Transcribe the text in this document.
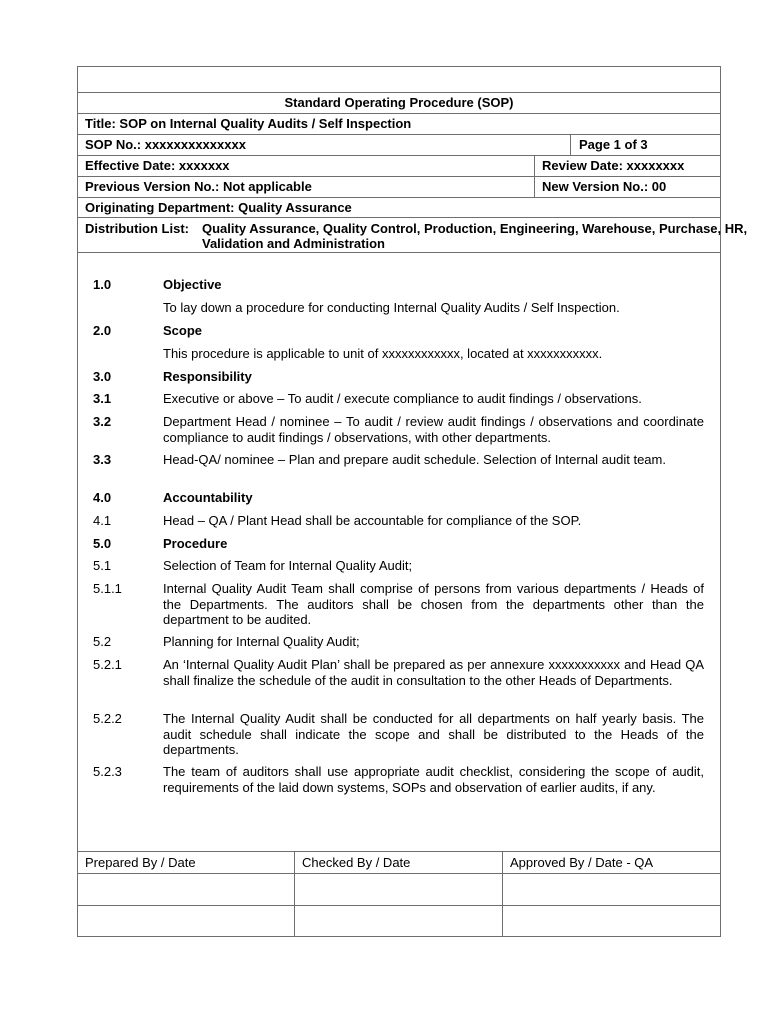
Standard Operating Procedure (SOP)
Title: SOP on Internal Quality Audits / Self Inspection
SOP No.: xxxxxxxxxxxxxx	Page 1 of 3
Effective Date: xxxxxxx	Review Date: xxxxxxxx
Previous Version No.: Not applicable	New Version No.: 00
Originating Department: Quality Assurance
Distribution List: Quality Assurance, Quality Control, Production, Engineering, Warehouse, Purchase, HR, Validation and Administration
1.0	Objective
To lay down a procedure for conducting Internal Quality Audits / Self Inspection.
2.0	Scope
This procedure is applicable to unit of xxxxxxxxxxxx, located at xxxxxxxxxxx.
3.0	Responsibility
3.1	Executive or above – To audit / execute compliance to audit findings / observations.
3.2	Department Head / nominee – To audit / review audit findings / observations and coordinate compliance to audit findings / observations, with other departments.
3.3	Head-QA/ nominee – Plan and prepare audit schedule. Selection of Internal audit team.
4.0	Accountability
4.1	Head – QA / Plant Head shall be accountable for compliance of the SOP.
5.0	Procedure
5.1	Selection of Team for Internal Quality Audit;
5.1.1	Internal Quality Audit Team shall comprise of persons from various departments / Heads of the Departments. The auditors shall be chosen from the departments other than the department to be audited.
5.2	Planning for Internal Quality Audit;
5.2.1	An ‘Internal Quality Audit Plan’ shall be prepared as per annexure xxxxxxxxxxx and Head QA shall finalize the schedule of the audit in consultation to the other Heads of Departments.
5.2.2	The Internal Quality Audit shall be conducted for all departments on half yearly basis. The audit schedule shall indicate the scope and shall be distributed to the Heads of the departments.
5.2.3	The team of auditors shall use appropriate audit checklist, considering the scope of audit, requirements of the laid down systems, SOPs and observation of earlier audits, if any.
Prepared By / Date	Checked By / Date	Approved By / Date - QA
